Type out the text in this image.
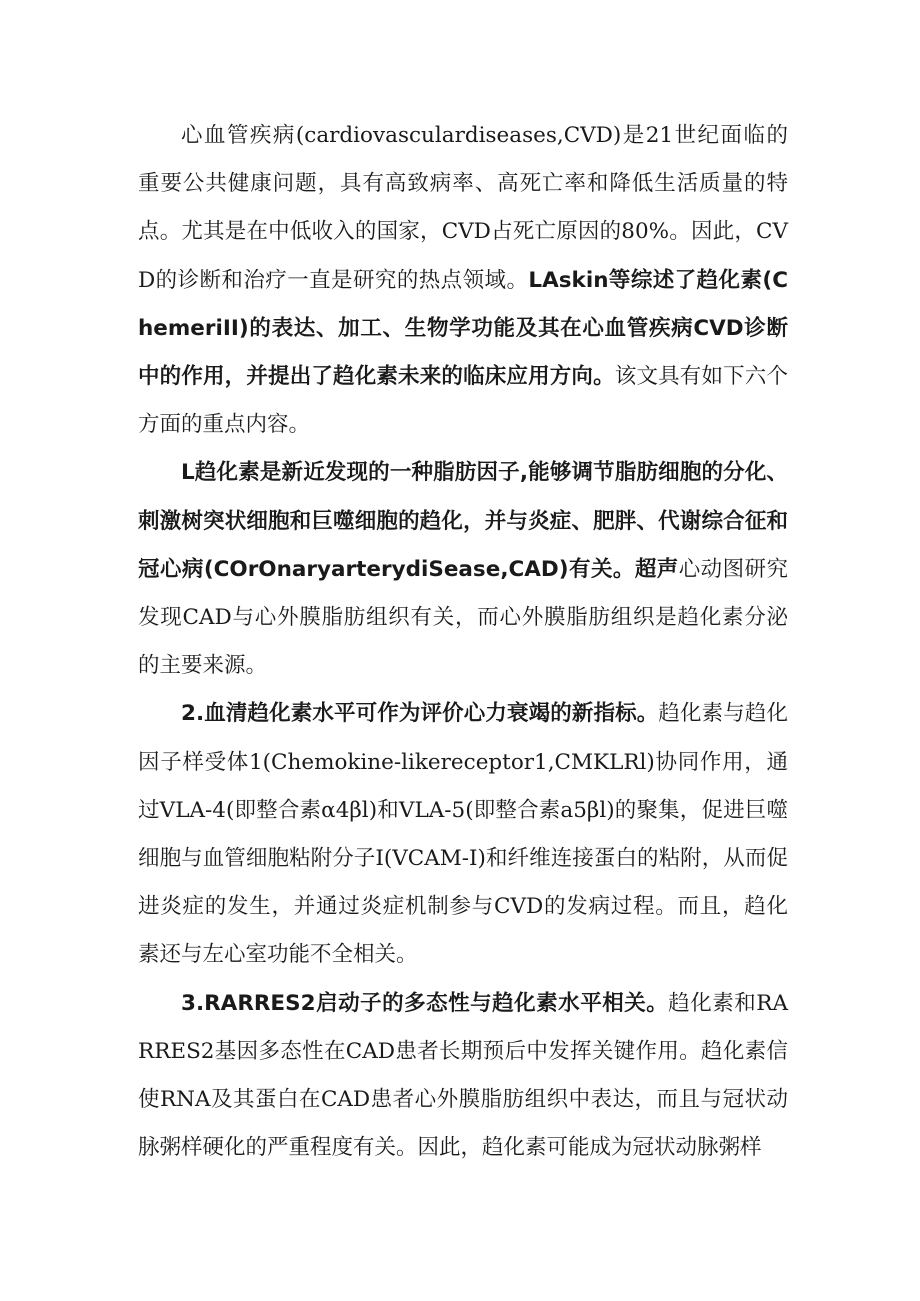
心血管疾病(cardiovasculardiseases,CVD)是21世纪面临的重要公共健康问题，具有高致病率、高死亡率和降低生活质量的特点。尤其是在中低收入的国家，CVD占死亡原因的80%。因此，CVD的诊断和治疗一直是研究的热点领域。LAskin等综述了趋化素(ChemeriII)的表达、加工、生物学功能及其在心血管疾病CVD诊断中的作用，并提出了趋化素未来的临床应用方向。该文具有如下六个方面的重点内容。

L趋化素是新近发现的一种脂肪因子,能够调节脂肪细胞的分化、刺激树突状细胞和巨噬细胞的趋化，并与炎症、肥胖、代谢综合征和冠心病(COrOnaryarterydiSease,CAD)有关。超声心动图研究发现CAD与心外膜脂肪组织有关，而心外膜脂肪组织是趋化素分泌的主要来源。

2.血清趋化素水平可作为评价心力衰竭的新指标。趋化素与趋化因子样受体1(Chemokine-likereceptor1,CMKLRl)协同作用，通过VLA-4(即整合素α4βl)和VLA-5(即整合素a5βl)的聚集，促进巨噬细胞与血管细胞粘附分子I(VCAM-I)和纤维连接蛋白的粘附，从而促进炎症的发生，并通过炎症机制参与CVD的发病过程。而且，趋化素还与左心室功能不全相关。

3.RARRES2启动子的多态性与趋化素水平相关。趋化素和RARRES2基因多态性在CAD患者长期预后中发挥关键作用。趋化素信使RNA及其蛋白在CAD患者心外膜脂肪组织中表达，而且与冠状动脉粥样硬化的严重程度有关。因此，趋化素可能成为冠状动脉粥样
